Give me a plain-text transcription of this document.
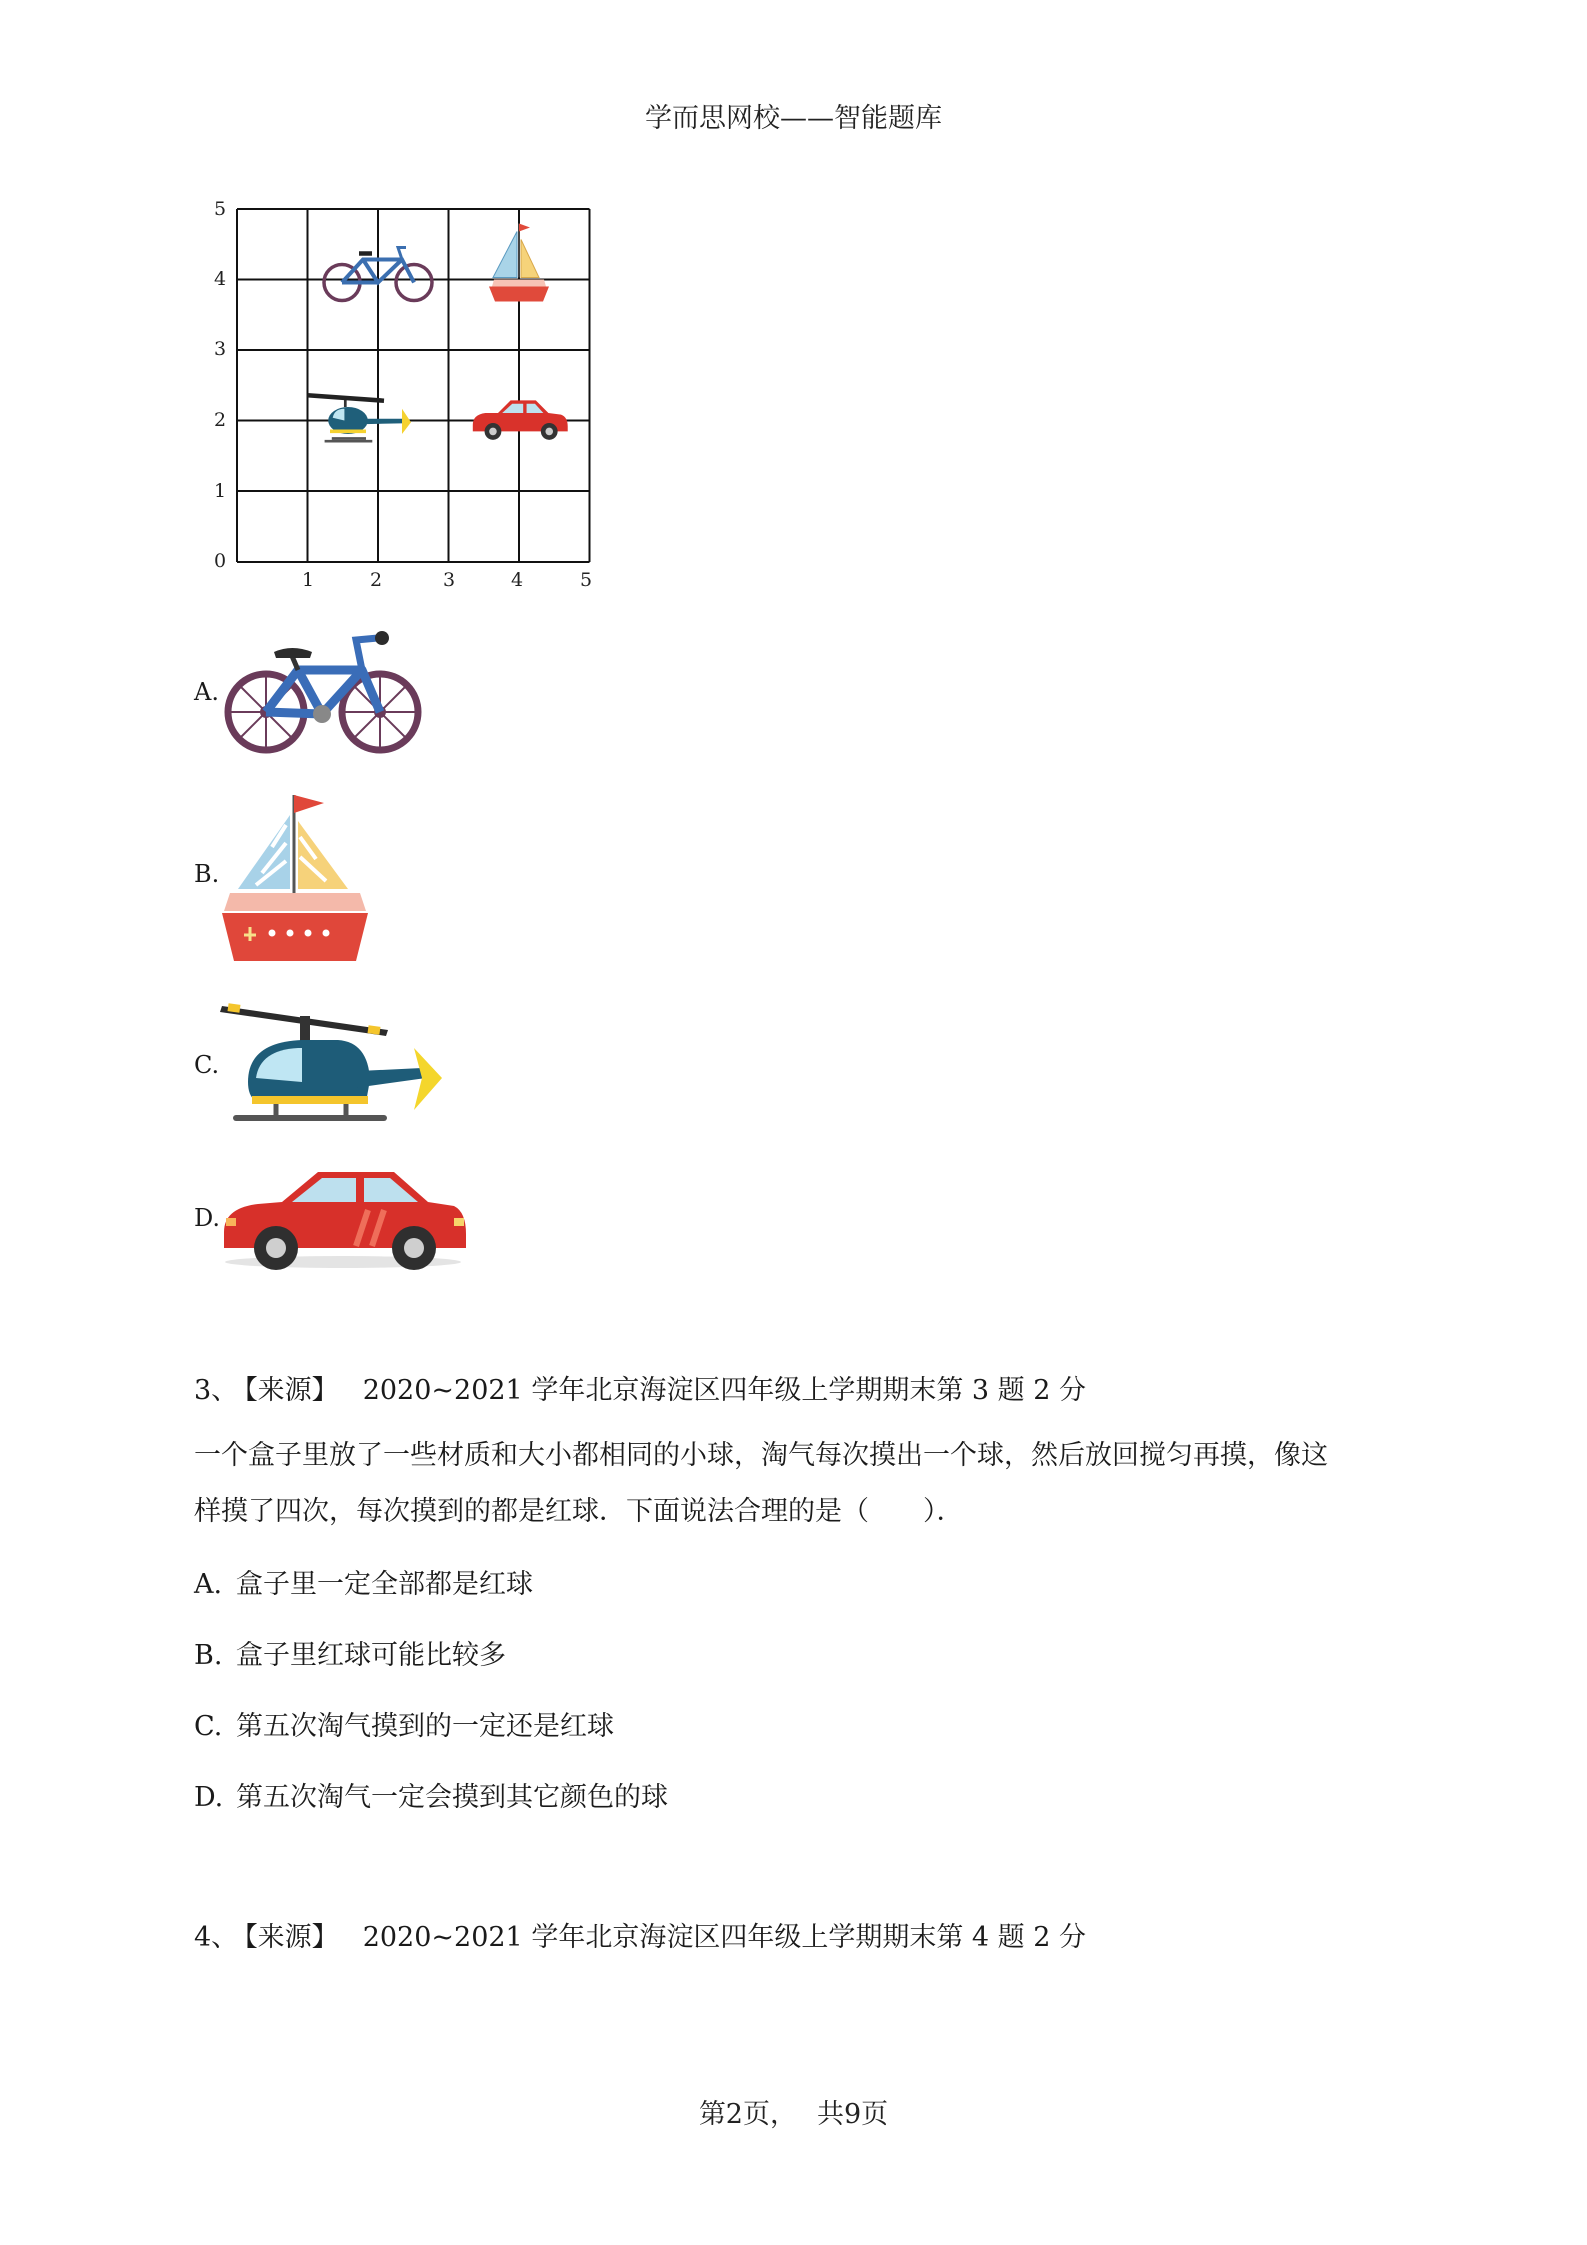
学而思网校——智能题库
0
1
2
3
4
5
1	2	3	4	5
A.
B.
C.
D.
3、 【来源】 2020~2021 学年北京海淀区四年级上学期期末第 3 题 2 分
一个盒子里放了一些材质和大小都相同的小球，淘气每次摸出一个球，然后放回搅匀再摸，像这
样摸了四次，每次摸到的都是红球．下面说法合理的是（　　）．
A. 盒子里一定全部都是红球
B. 盒子里红球可能比较多
C. 第五次淘气摸到的一定还是红球
D. 第五次淘气一定会摸到其它颜色的球
4、 【来源】 2020~2021 学年北京海淀区四年级上学期期末第 4 题 2 分
第2页， 共9页
